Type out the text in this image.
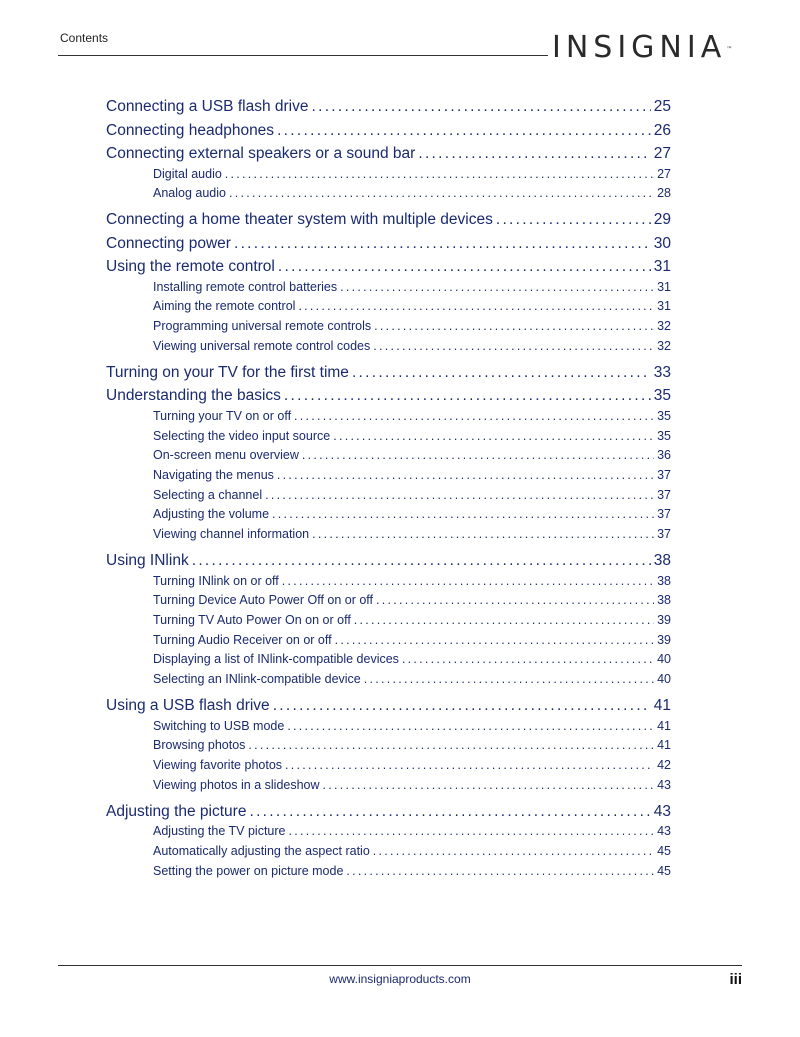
Contents	INSIGNIA ™
Connecting a USB flash drive . . .	25
Connecting headphones . . .	26
Connecting external speakers or a sound bar . . .	27
Digital audio . . .	27
Analog audio . . .	28
Connecting a home theater system with multiple devices . . .	29
Connecting power . . .	30
Using the remote control . . .	31
Installing remote control batteries . . .	31
Aiming the remote control . . .	31
Programming universal remote controls . . .	32
Viewing universal remote control codes . . .	32
Turning on your TV for the first time . . .	33
Understanding the basics . . .	35
Turning your TV on or off . . .	35
Selecting the video input source . . .	35
On-screen menu overview . . .	36
Navigating the menus . . .	37
Selecting a channel . . .	37
Adjusting the volume . . .	37
Viewing channel information . . .	37
Using INlink . . .	38
Turning INlink on or off . . .	38
Turning Device Auto Power Off on or off . . .	38
Turning TV Auto Power On on or off . . .	39
Turning Audio Receiver on or off . . .	39
Displaying a list of INlink-compatible devices . . .	40
Selecting an INlink-compatible device . . .	40
Using a USB flash drive . . .	41
Switching to USB mode . . .	41
Browsing photos . . .	41
Viewing favorite photos . . .	42
Viewing photos in a slideshow . . .	43
Adjusting the picture . . .	43
Adjusting the TV picture . . .	43
Automatically adjusting the aspect ratio . . .	45
Setting the power on picture mode . . .	45
www.insigniaproducts.com	iii
